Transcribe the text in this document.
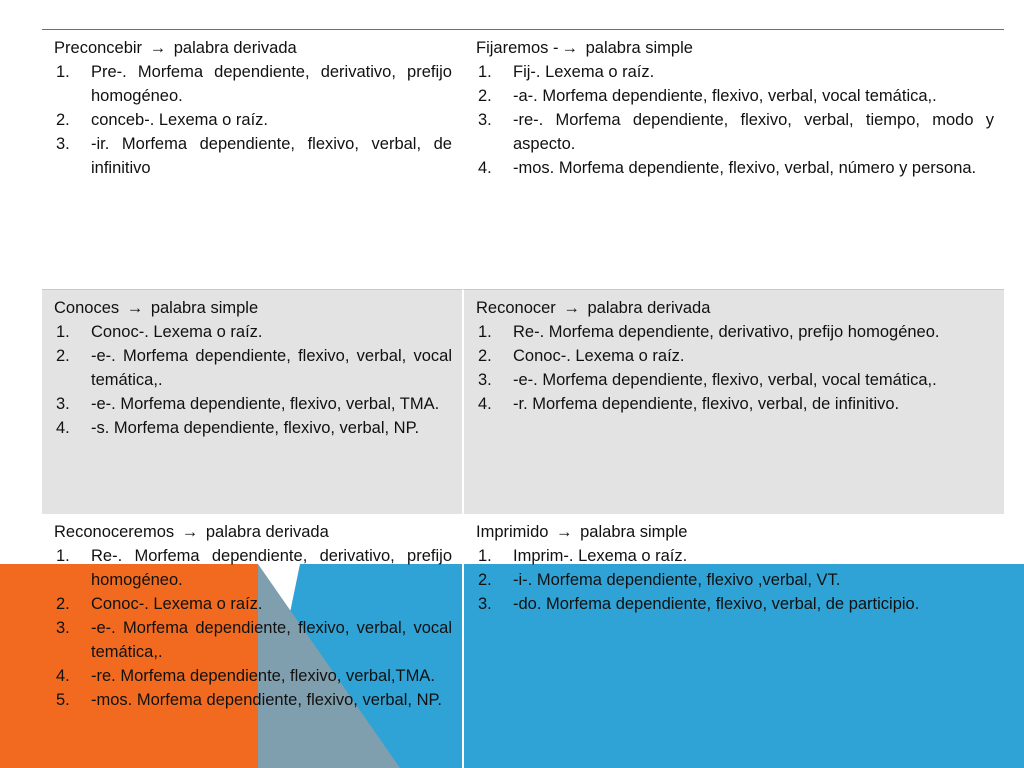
Preconcebir → palabra derivada
1. Pre-. Morfema dependiente, derivativo, prefijo homogéneo.
2. conceb-. Lexema o raíz.
3. -ir. Morfema dependiente, flexivo, verbal, de infinitivo
Fijaremos - → palabra simple
1. Fij-. Lexema o raíz.
2. -a-. Morfema dependiente, flexivo, verbal, vocal temática,.
3. -re-. Morfema dependiente, flexivo, verbal, tiempo, modo y aspecto.
4. -mos. Morfema dependiente, flexivo, verbal, número y persona.
Conoces → palabra simple
1. Conoc-. Lexema o raíz.
2. -e-. Morfema dependiente, flexivo, verbal, vocal temática,.
3. -e-. Morfema dependiente, flexivo, verbal, TMA.
4. -s. Morfema dependiente, flexivo, verbal, NP.
Reconocer → palabra derivada
1. Re-. Morfema dependiente, derivativo, prefijo homogéneo.
2. Conoc-. Lexema o raíz.
3. -e-. Morfema dependiente, flexivo, verbal, vocal temática,.
4. -r. Morfema dependiente, flexivo, verbal, de infinitivo.
Reconoceremos → palabra derivada
1. Re-. Morfema dependiente, derivativo, prefijo homogéneo.
2. Conoc-. Lexema o raíz.
3. -e-. Morfema dependiente, flexivo, verbal, vocal temática,.
4. -re. Morfema dependiente, flexivo, verbal,TMA.
5. -mos. Morfema dependiente, flexivo, verbal, NP.
Imprimido → palabra simple
1. Imprim-. Lexema o raíz.
2. -i-. Morfema dependiente, flexivo ,verbal, VT.
3. -do. Morfema dependiente, flexivo, verbal, de participio.
